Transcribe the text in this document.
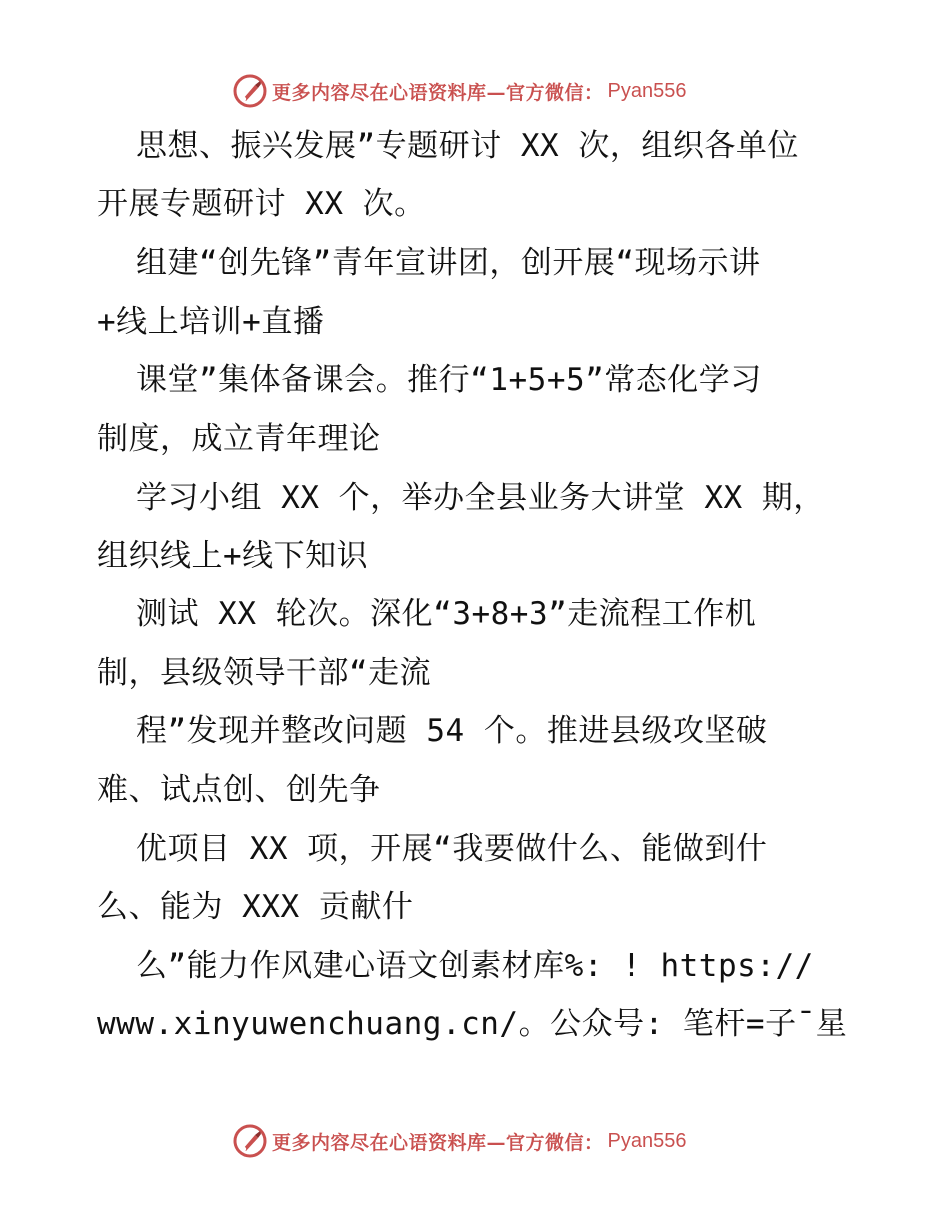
更多内容尽在心语资料库—官方微信： Pyan556
思想、振兴发展”专题研讨 XX 次，组织各单位
开展专题研讨 XX 次。
组建“创先锋”青年宣讲团，创开展“现场示讲
+线上培训+直播
课堂”集体备课会。推行“1+5+5”常态化学习
制度，成立青年理论
学习小组 XX 个，举办全县业务大讲堂 XX 期，
组织线上+线下知识
测试 XX 轮次。深化“3+8+3”走流程工作机
制，县级领导干部“走流
程”发现并整改问题 54 个。推进县级攻坚破
难、试点创、创先争
优项目 XX 项，开展“我要做什么、能做到什
么、能为 XXX 贡献什
么”能力作风建心语文创素材库%: ! https://
www.xinyuwenchuang.cn/。公众号: 笔杆=子¯星
更多内容尽在心语资料库—官方微信： Pyan556
